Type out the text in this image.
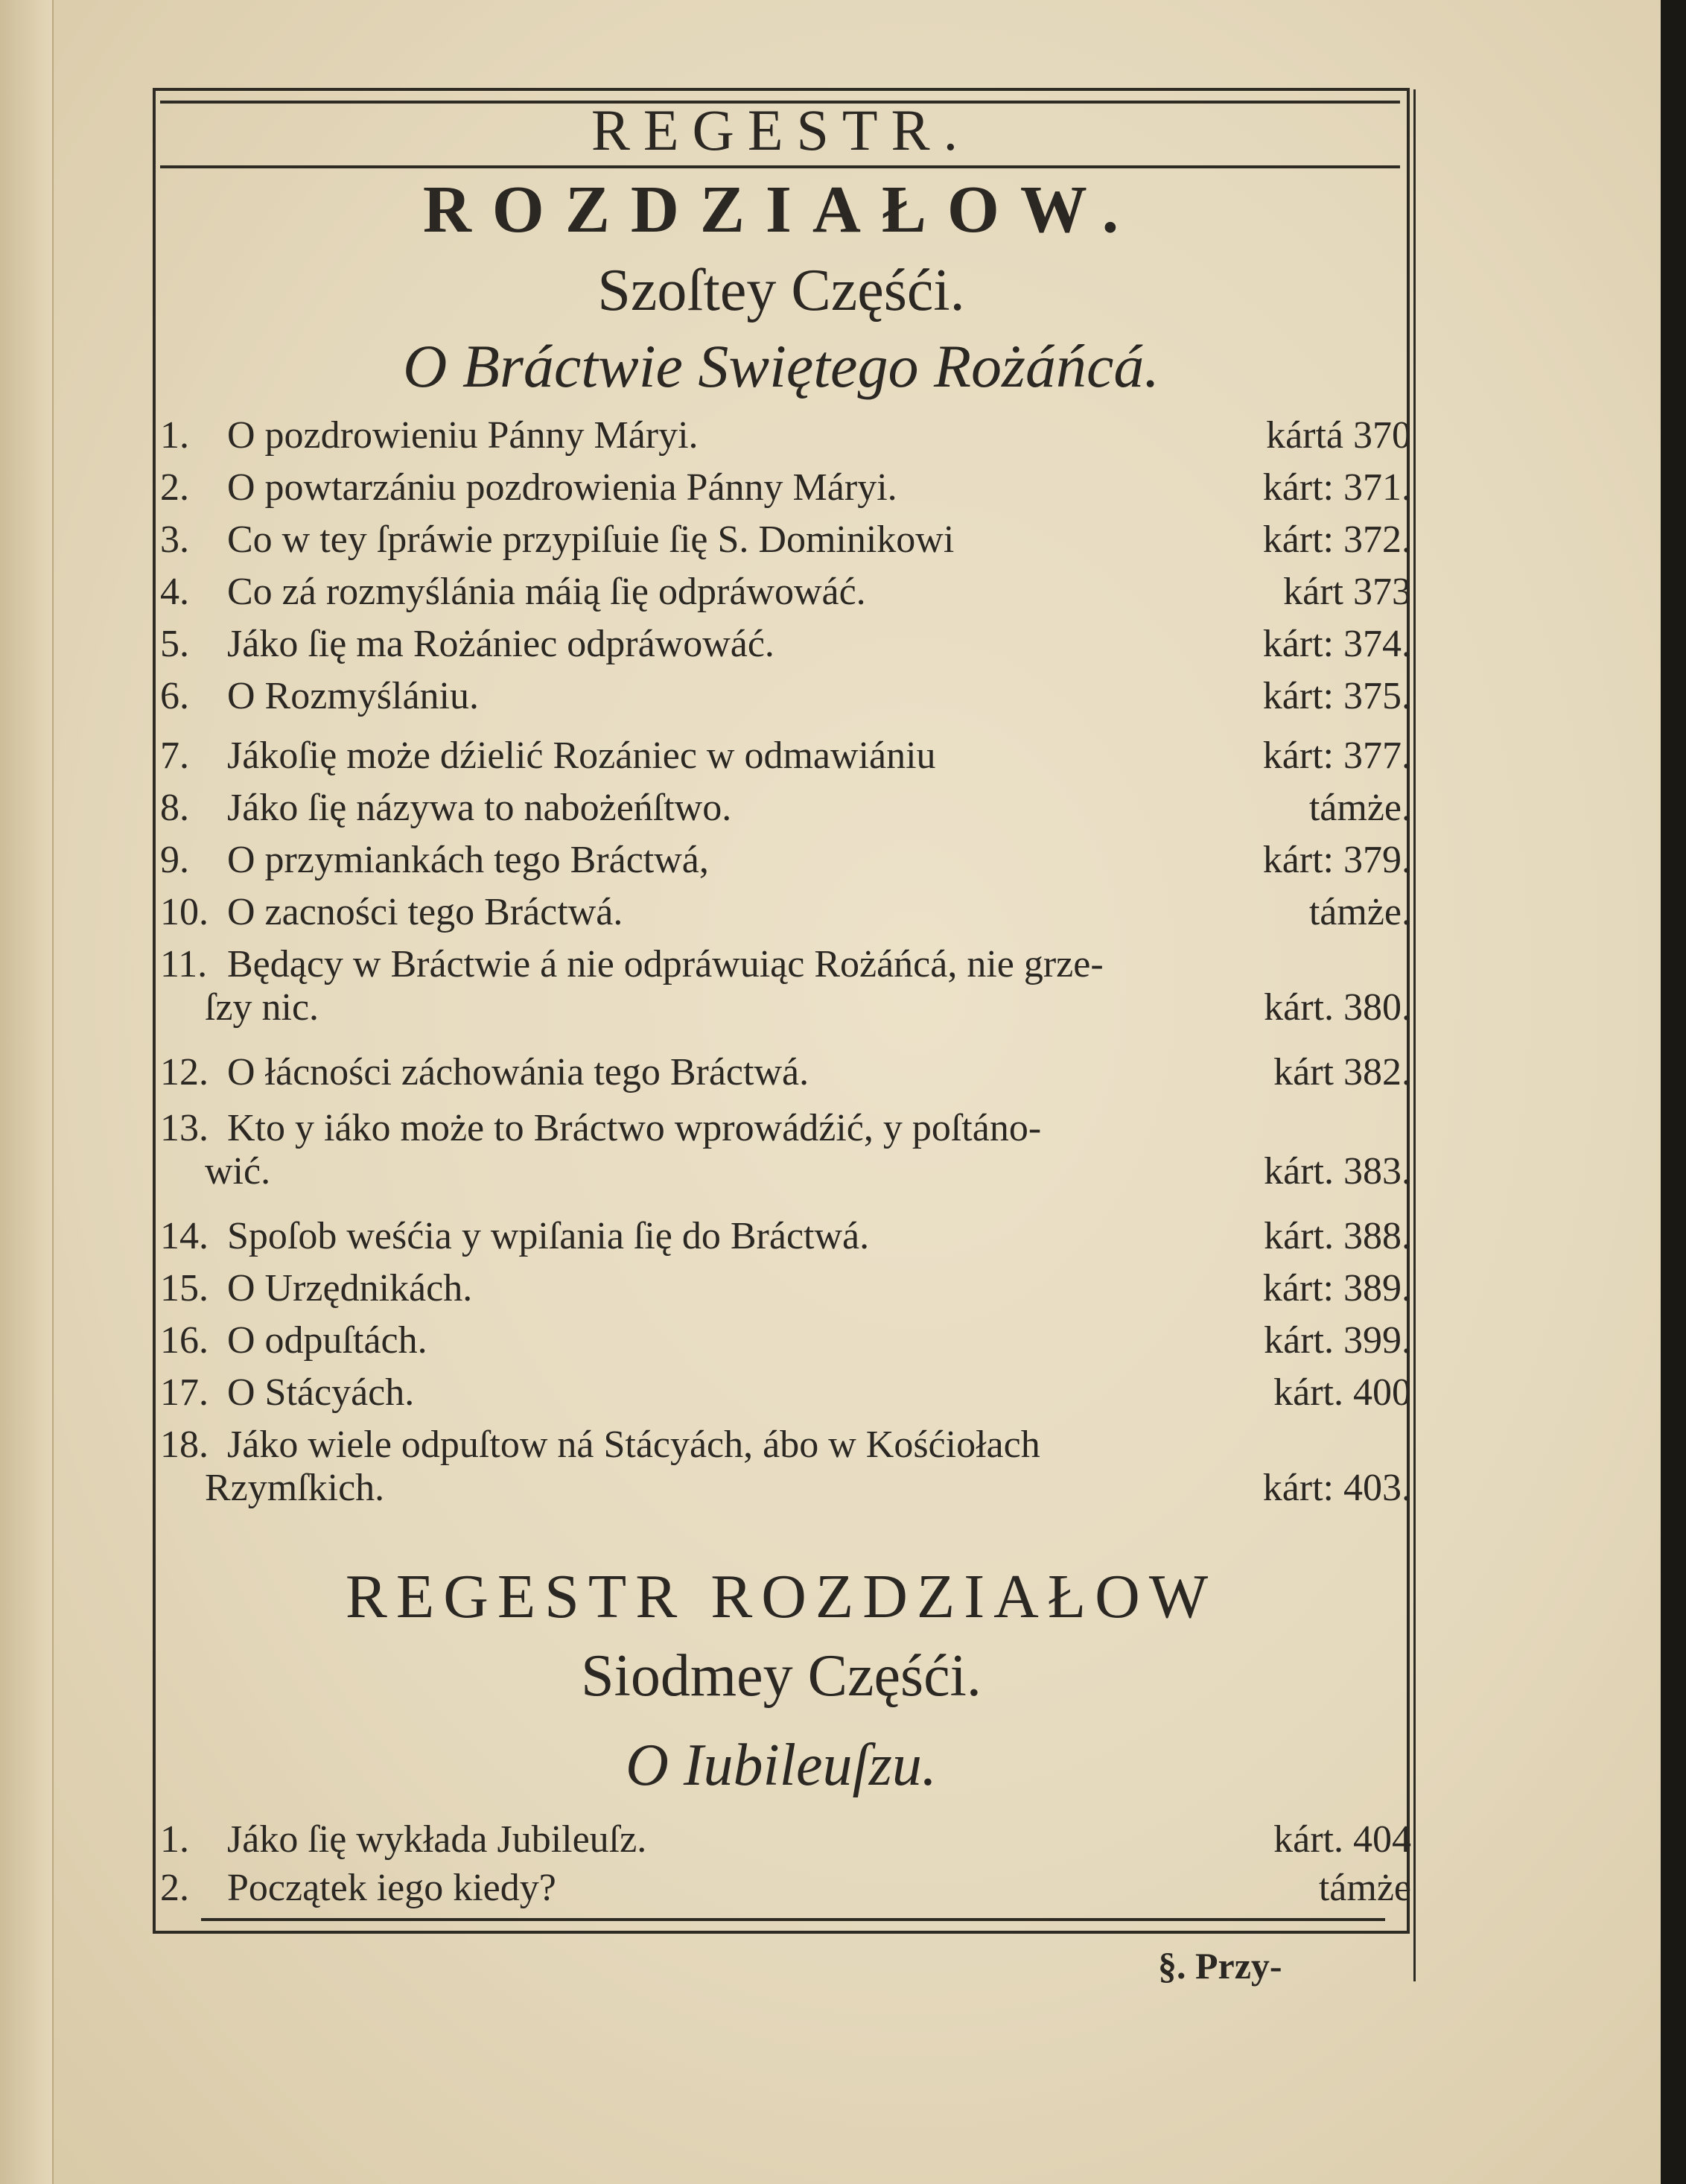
REGESTR.
ROZDZIAŁOW.
Szoſtey Częśći.
O Bráctwie Swiętego Rożáńcá.
1. O pozdrowieniu Pánny Máryi.	kártá 370
2. O powtarzániu pozdrowienia Pánny Máryi.	kárt: 371.
3. Co w tey ſpráwie przypiſuie ſię S. Dominikowi	kárt: 372.
4. Co zá rozmyślánia máią ſię odpráwowáć.	kárt 373
5. Jáko ſię ma Rożániec odpráwowáć.	kárt: 374.
6. O Rozmyślániu.	kárt: 375.
7. Jákoſię może dźielić Rozániec w odmawiániu	kárt: 377.
8. Jáko ſię názywa to nabożeńſtwo.	támże.
9. O przymiankách tego Bráctwá,	kárt: 379.
10. O zacności tego Bráctwá.	támże.
11. Będący w Bráctwie á nie odpráwuiąc Rożáńcá, nie grze-
ſzy nic.	kárt. 380.
12. O łácności záchowánia tego Bráctwá.	kárt 382.
13. Kto y iáko może to Bráctwo wprowádźić, y poſtáno-
wić.	kárt. 383.
14. Spoſob weśćia y wpiſania ſię do Bráctwá.	kárt. 388.
15. O Urzędnikách.	kárt: 389.
16. O odpuſtách.	kárt. 399.
17. O Stácyách.	kárt. 400
18. Jáko wiele odpuſtow ná Stácyách, ábo w Kośćiołach
Rzymſkich.	kárt: 403.
REGESTR ROZDZIAŁOW
Siodmey Częśći.
O Iubileuſzu.
1. Jáko ſię wykłada Jubileuſz.	kárt. 404
2. Początek iego kiedy?	támże
§. Przy-
